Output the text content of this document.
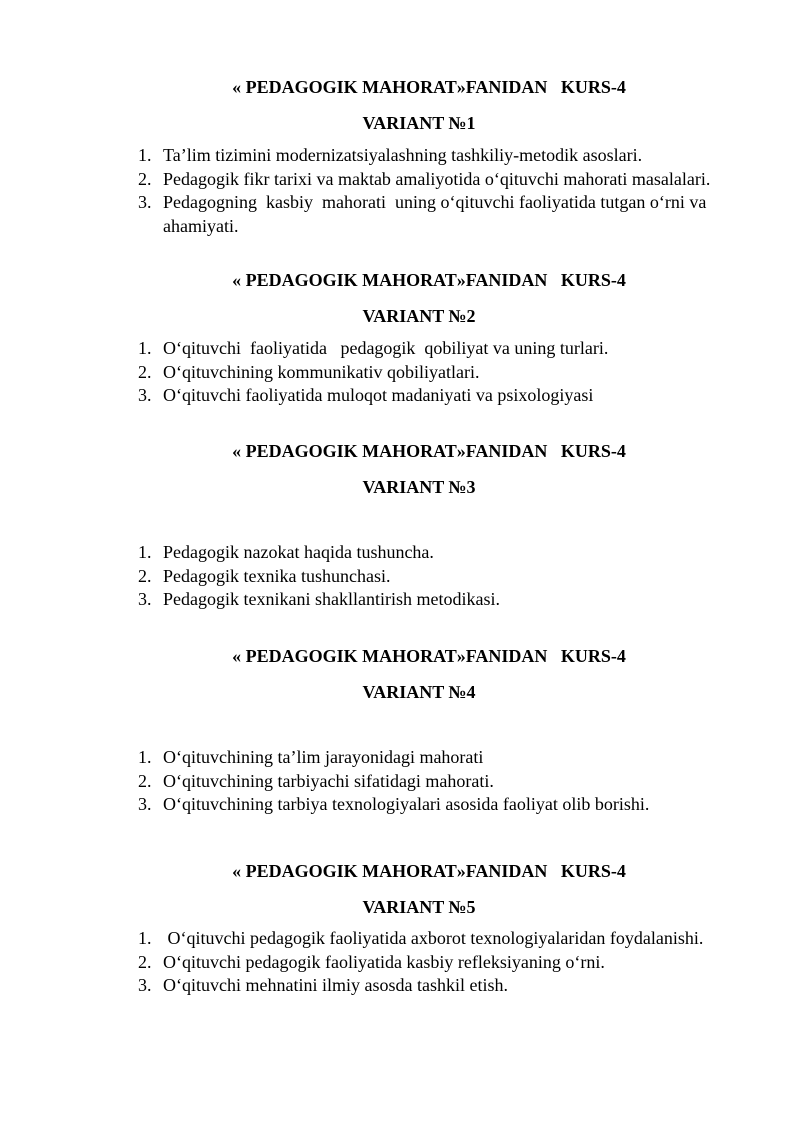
« PEDAGOGIK MAHORAT»FANIDAN   KURS-4
VARIANT №1
1. Ta’lim tizimini modernizatsiyalashning tashkiliy-metodik asoslari.
2. Pedagogik fikr tarixi va maktab amaliyotida o‘qituvchi mahorati masalalari.
3. Pedagogning  kasbiy  mahorati  uning o‘qituvchi faoliyatida tutgan o‘rni va ahamiyati.
« PEDAGOGIK MAHORAT»FANIDAN   KURS-4
VARIANT №2
1. O‘qituvchi  faoliyatida   pedagogik  qobiliyat va uning turlari.
2. O‘qituvchining kommunikativ qobiliyatlari.
3. O‘qituvchi faoliyatida muloqot madaniyati va psixologiyasi
« PEDAGOGIK MAHORAT»FANIDAN   KURS-4
VARIANT №3
1. Pedagogik nazokat haqida tushuncha.
2. Pedagogik texnika tushunchasi.
3. Pedagogik texnikani shakllantirish metodikasi.
« PEDAGOGIK MAHORAT»FANIDAN   KURS-4
VARIANT №4
1. O‘qituvchining ta’lim jarayonidagi mahorati
2. O‘qituvchining tarbiyachi sifatidagi mahorati.
3. O‘qituvchining tarbiya texnologiyalari asosida faoliyat olib borishi.
« PEDAGOGIK MAHORAT»FANIDAN   KURS-4
VARIANT №5
1. O‘qituvchi pedagogik faoliyatida axborot texnologiyalaridan foydalanishi.
2. O‘qituvchi pedagogik faoliyatida kasbiy refleksiyaning o‘rni.
3. O‘qituvchi mehnatini ilmiy asosda tashkil etish.
